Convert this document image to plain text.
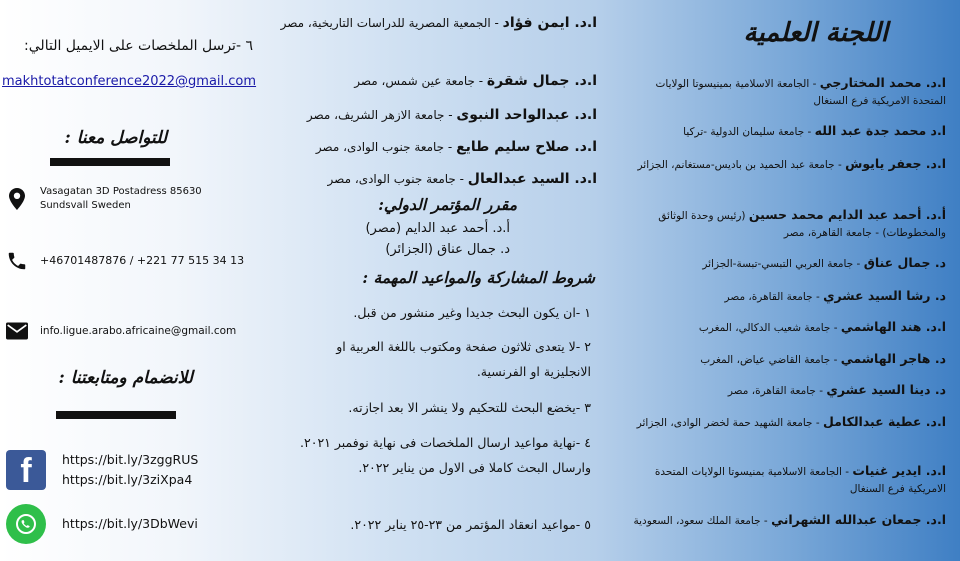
٦ -ترسل الملخصات على الايميل التالي:
makhtotatconference2022@gmail.com
للتواصل معنا :
Vasagatan 3D Postadress 85630
Sundsvall Sweden
+46701487876 / +221 77 515 34 13
info.ligue.arabo.africaine@gmail.com
للانضمام ومتابعتنا :
f	https://bit.ly/3zggRUS
https://bit.ly/3ziXpa4
https://bit.ly/3DbWevi
ا.د. ايمن فؤاد - الجمعية المصرية للدراسات التاريخية، مصر
ا.د. جمال شقرة - جامعة عين شمس، مصر
ا.د. عبدالواحد النبوى - جامعة الازهر الشريف، مصر
ا.د. صلاح سليم طايع - جامعة جنوب الوادى، مصر
ا.د. السيد عبدالعال - جامعة جنوب الوادى، مصر
مقرر المؤتمر الدولي:
أ.د. أحمد عبد الدايم (مصر)
د. جمال عناق (الجزائر)
شروط المشاركة والمواعيد المهمة :
١ -ان يكون البحث جديدا وغير منشور من قبل.
٢ -لا يتعدى ثلاثون صفحة ومكتوب باللغة العربية او الانجليزية او الفرنسية.
٣ -يخضع البحث للتحكيم ولا ينشر الا بعد اجازته.
٤ -نهاية مواعيد ارسال الملخصات فى نهاية نوفمبر ٢٠٢١. وارسال البحث كاملا فى الاول من يناير ٢٠٢٢.
٥ -مواعيد انعقاد المؤتمر من ٢٣-٢٥ يناير ٢٠٢٢.
اللجنة العلمية
ا.د. محمد المختارجي - الجامعة الاسلامية بمينيسوتا الولايات المتحدة الامريكية فرع السنغال
ا.د محمد جدة عبد الله - جامعة سليمان الدولية -تركيا
ا.د. جعفر يايوش - جامعة عبد الحميد بن باديس-مستغانم، الجزائر
أ.د. أحمد عبد الدايم محمد حسين (رئيس وحدة الوثائق والمخطوطات) - جامعة القاهرة، مصر
د. جمال عناق - جامعة العربي التبسي-تبسة-الجزائر
د. رشا السيد عشري - جامعة القاهرة، مصر
ا.د. هند الهاشمي - جامعة شعيب الدكالي، المغرب
د. هاجر الهاشمي - جامعة القاضي عياض، المغرب
د. دينا السيد عشري - جامعة القاهرة، مصر
ا.د. عطية عبدالكامل - جامعة الشهيد حمة لخضر الوادى، الجزائر
ا.د. ايدير غنيات - الجامعة الاسلامية بمنيسوتا الولايات المتحدة الامريكية فرع السنغال
ا.د. جمعان عبدالله الشهراني - جامعة الملك سعود، السعودية
